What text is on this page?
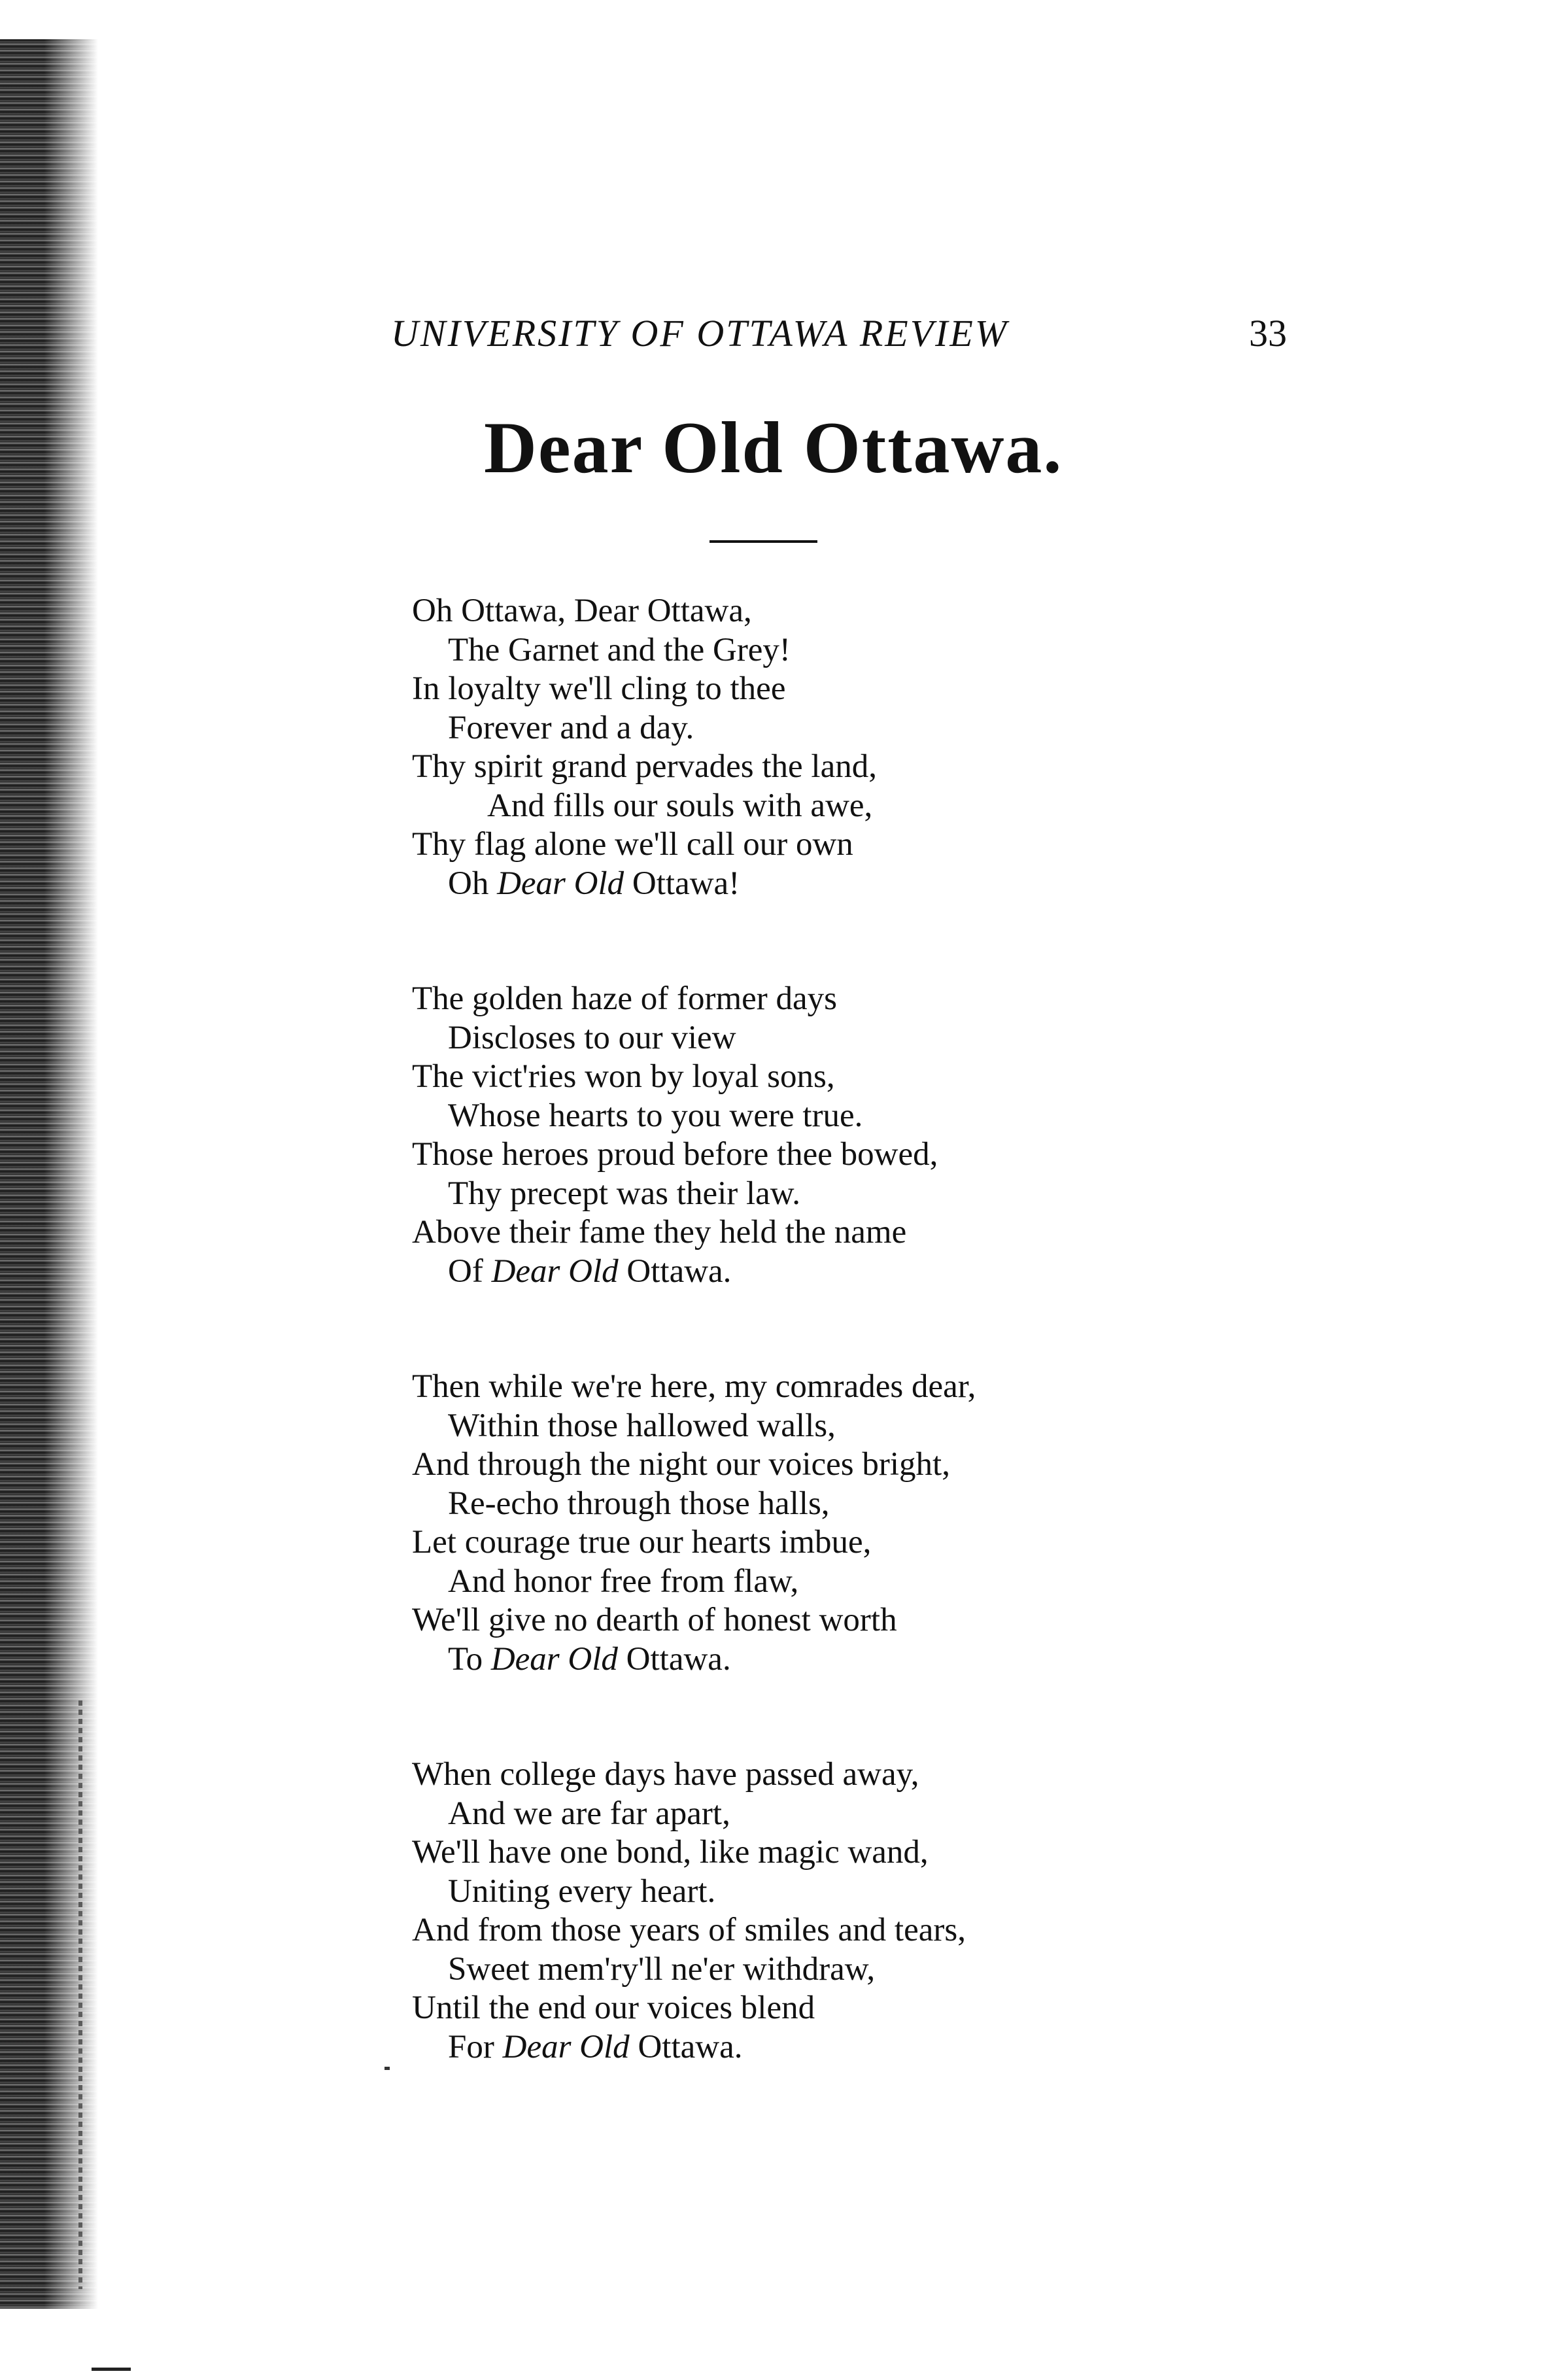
UNIVERSITY OF OTTAWA REVIEW	33
Dear Old Ottawa.
Oh Ottawa, Dear Ottawa,
The Garnet and the Grey!
In loyalty we'll cling to thee
Forever and a day.
Thy spirit grand pervades the land,
And fills our souls with awe,
Thy flag alone we'll call our own
Oh Dear Old Ottawa!
The golden haze of former days
Discloses to our view
The vict'ries won by loyal sons,
Whose hearts to you were true.
Those heroes proud before thee bowed,
Thy precept was their law.
Above their fame they held the name
Of Dear Old Ottawa.
Then while we're here, my comrades dear,
Within those hallowed walls,
And through the night our voices bright,
Re-echo through those halls,
Let courage true our hearts imbue,
And honor free from flaw,
We'll give no dearth of honest worth
To Dear Old Ottawa.
When college days have passed away,
And we are far apart,
We'll have one bond, like magic wand,
Uniting every heart.
And from those years of smiles and tears,
Sweet mem'ry'll ne'er withdraw,
Until the end our voices blend
For Dear Old Ottawa.
